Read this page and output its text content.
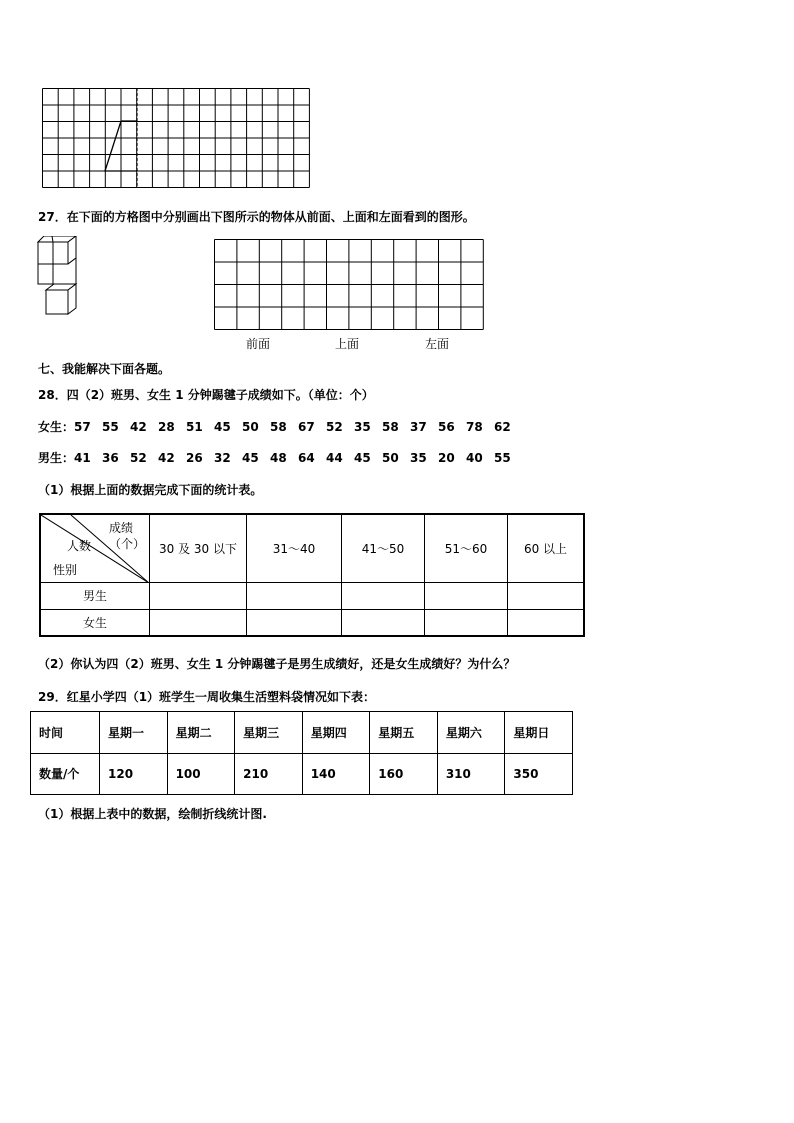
27．在下面的方格图中分别画出下图所示的物体从前面、上面和左面看到的图形。
前面	上面	左面
七、我能解决下面各题。
28．四（2）班男、女生 1 分钟踢毽子成绩如下。（单位：个）
女生：57 55 42 28 51 45 50 58 67 52 35 58 37 56 78 62
男生：41 36 52 42 26 32 45 48 64 44 45 50 35 20 40 55
（1）根据上面的数据完成下面的统计表。
成绩
（个）
人数
性别	30 及 30 以下	31～40	41～50	51～60	60 以上
男生					
女生					
（2）你认为四（2）班男、女生 1 分钟踢毽子是男生成绩好，还是女生成绩好？为什么？
29．红星小学四（1）班学生一周收集生活塑料袋情况如下表：
时间	星期一	星期二	星期三	星期四	星期五	星期六	星期日
数量/个	120	100	210	140	160	310	350
（1）根据上表中的数据，绘制折线统计图.
